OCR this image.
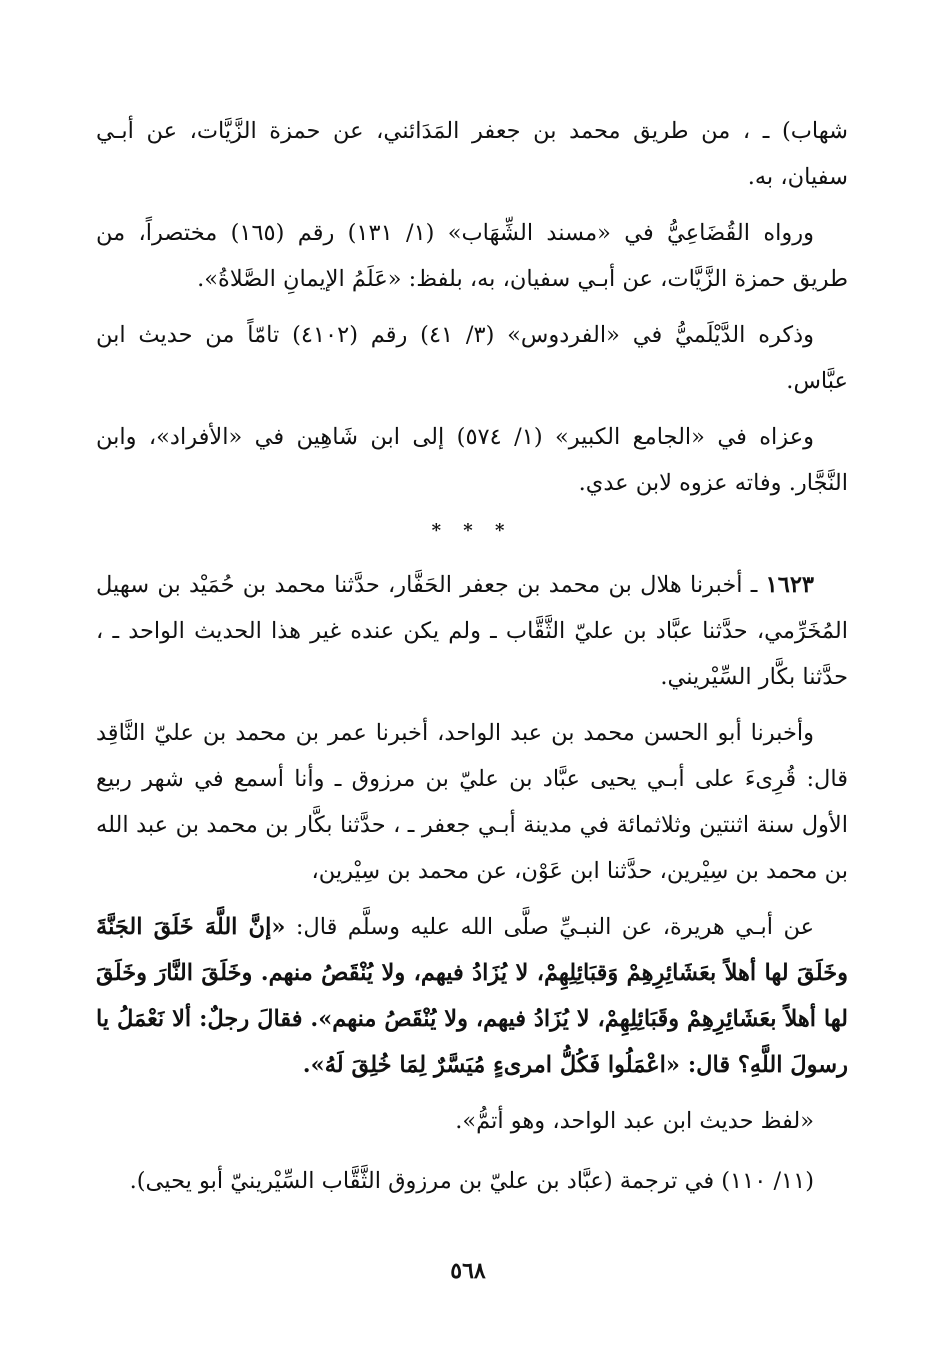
شهاب) ـ ، من طريق محمد بن جعفر المَدَائني، عن حمزة الزَّيَّات، عن أبـي سفيان، به.

ورواه القُضَاعِيُّ في «مسند الشِّهَاب» (١/ ١٣١) رقم (١٦٥) مختصراً، من طريق حمزة الزَّيَّات، عن أبـي سفيان، به، بلفظ: «عَلَمُ الإيمانِ الصَّلاةُ».

وذكره الدَّيْلَميُّ في «الفردوس» (٣/ ٤١) رقم (٤١٠٢) تامّاً من حديث ابن عبَّاس.

وعزاه في «الجامع الكبير» (١/ ٥٧٤) إلى ابن شَاهِين في «الأفراد»، وابن النَّجَّار. وفاته عزوه لابن عدي.

* * *

١٦٢٣ ـ أخبرنا هلال بن محمد بن جعفر الحَفَّار، حدَّثنا محمد بن حُمَيْد بن سهيل المُخَرِّمي، حدَّثنا عبَّاد بن عليّ الثَّقَّاب ـ ولم يكن عنده غير هذا الحديث الواحد ـ ، حدَّثنا بكَّار السِّيْريني.

وأخبرنا أبو الحسن محمد بن عبد الواحد، أخبرنا عمر بن محمد بن عليّ النَّاقِد قال: قُرِىءَ على أبـي يحيى عبَّاد بن عليّ بن مرزوق ـ وأنا أسمع في شهر ربيع الأول سنة اثنتين وثلاثمائة في مدينة أبـي جعفر ـ ، حدَّثنا بكَّار بن محمد بن عبد الله بن محمد بن سِيْرين، حدَّثنا ابن عَوْن، عن محمد بن سِيْرين،

عن أبـي هريرة، عن النبـيِّ صلَّى الله عليه وسلَّم قال: «إنَّ اللَّهَ خَلَقَ الجَنَّةَ وخَلَقَ لها أهلاً بعَشَائِرِهِمْ وَقبَائِلِهِمْ، لا يُزَادُ فيهم، ولا يُنْقَصُ منهم. وخَلَقَ النَّارَ وخَلَقَ لها أهلاً بعَشَائِرِهِمْ وقَبَائِلِهِمْ، لا يُزَادُ فيهم، ولا يُنْقَصُ منهم». فقالَ رجلٌ: ألا نَعْمَلُ يا رسولَ اللَّهِ؟ قال: «اعْمَلُوا فَكُلُّ امرىءٍ مُيَسَّرٌ لِمَا خُلِقَ لَهُ».

«لفظ حديث ابن عبد الواحد، وهو أتمُّ».

(١١/ ١١٠) في ترجمة (عبَّاد بن عليّ بن مرزوق الثَّقَّاب السِّيْرينيّ أبو يحيى).

٥٦٨
